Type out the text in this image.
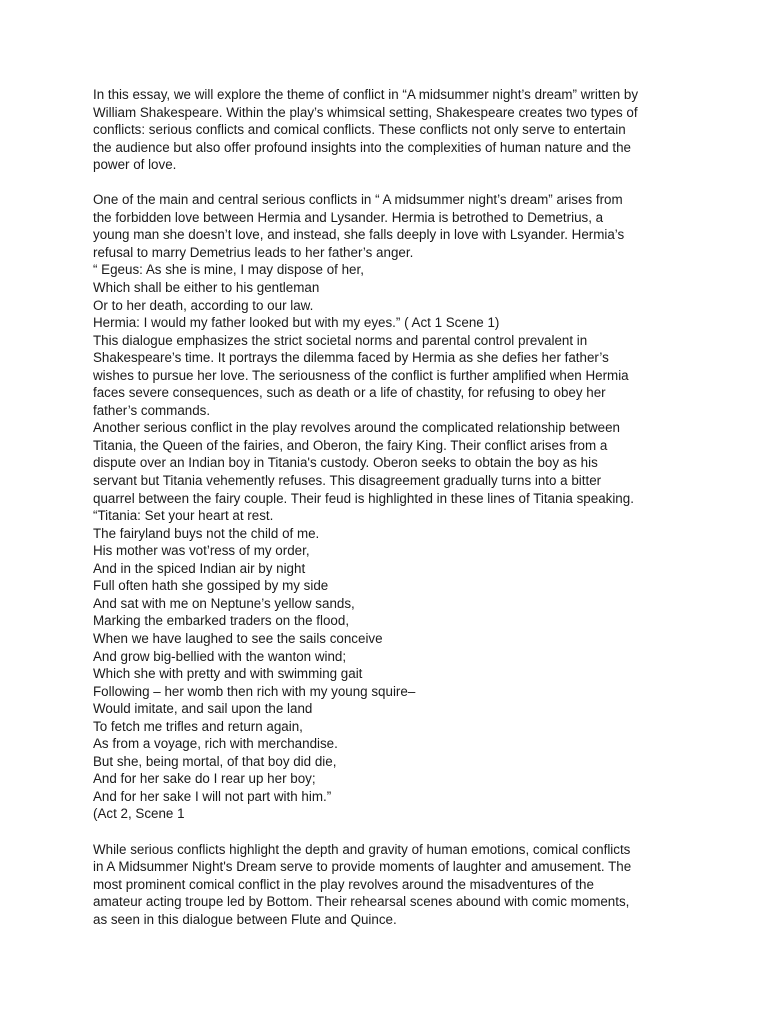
In this essay, we will explore the theme of conflict in “A midsummer night’s dream” written by
William Shakespeare. Within the play’s whimsical setting, Shakespeare creates two types of
conflicts: serious conflicts and comical conflicts. These conflicts not only serve to entertain
the audience but also offer profound insights into the complexities of human nature and the
power of love.
One of the main and central serious conflicts in “ A midsummer night’s dream” arises from
the forbidden love between Hermia and Lysander. Hermia is betrothed to Demetrius, a
young man she doesn’t love, and instead, she falls deeply in love with Lsyander. Hermia’s
refusal to marry Demetrius leads to her father’s anger.
“ Egeus: As she is mine, I may dispose of her,
Which shall be either to his gentleman
Or to her death, according to our law.
Hermia: I would my father looked but with my eyes.” ( Act 1 Scene 1)
This dialogue emphasizes the strict societal norms and parental control prevalent in
Shakespeare’s time. It portrays the dilemma faced by Hermia as she defies her father’s
wishes to pursue her love. The seriousness of the conflict is further amplified when Hermia
faces severe consequences, such as death or a life of chastity, for refusing to obey her
father’s commands.
Another serious conflict in the play revolves around the complicated relationship between
Titania, the Queen of the fairies, and Oberon, the fairy King. Their conflict arises from a
dispute over an Indian boy in Titania's custody. Oberon seeks to obtain the boy as his
servant but Titania vehemently refuses. This disagreement gradually turns into a bitter
quarrel between the fairy couple. Their feud is highlighted in these lines of Titania speaking.
“Titania: Set your heart at rest.
The fairyland buys not the child of me.
His mother was vot’ress of my order,
And in the spiced Indian air by night
Full often hath she gossiped by my side
And sat with me on Neptune’s yellow sands,
Marking the embarked traders on the flood,
When we have laughed to see the sails conceive
And grow big-bellied with the wanton wind;
Which she with pretty and with swimming gait
Following – her womb then rich with my young squire–
Would imitate, and sail upon the land
To fetch me trifles and return again,
As from a voyage, rich with merchandise.
But she, being mortal, of that boy did die,
And for her sake do I rear up her boy;
And for her sake I will not part with him.”
(Act 2, Scene 1
While serious conflicts highlight the depth and gravity of human emotions, comical conflicts
in A Midsummer Night's Dream serve to provide moments of laughter and amusement. The
most prominent comical conflict in the play revolves around the misadventures of the
amateur acting troupe led by Bottom. Their rehearsal scenes abound with comic moments,
as seen in this dialogue between Flute and Quince.
